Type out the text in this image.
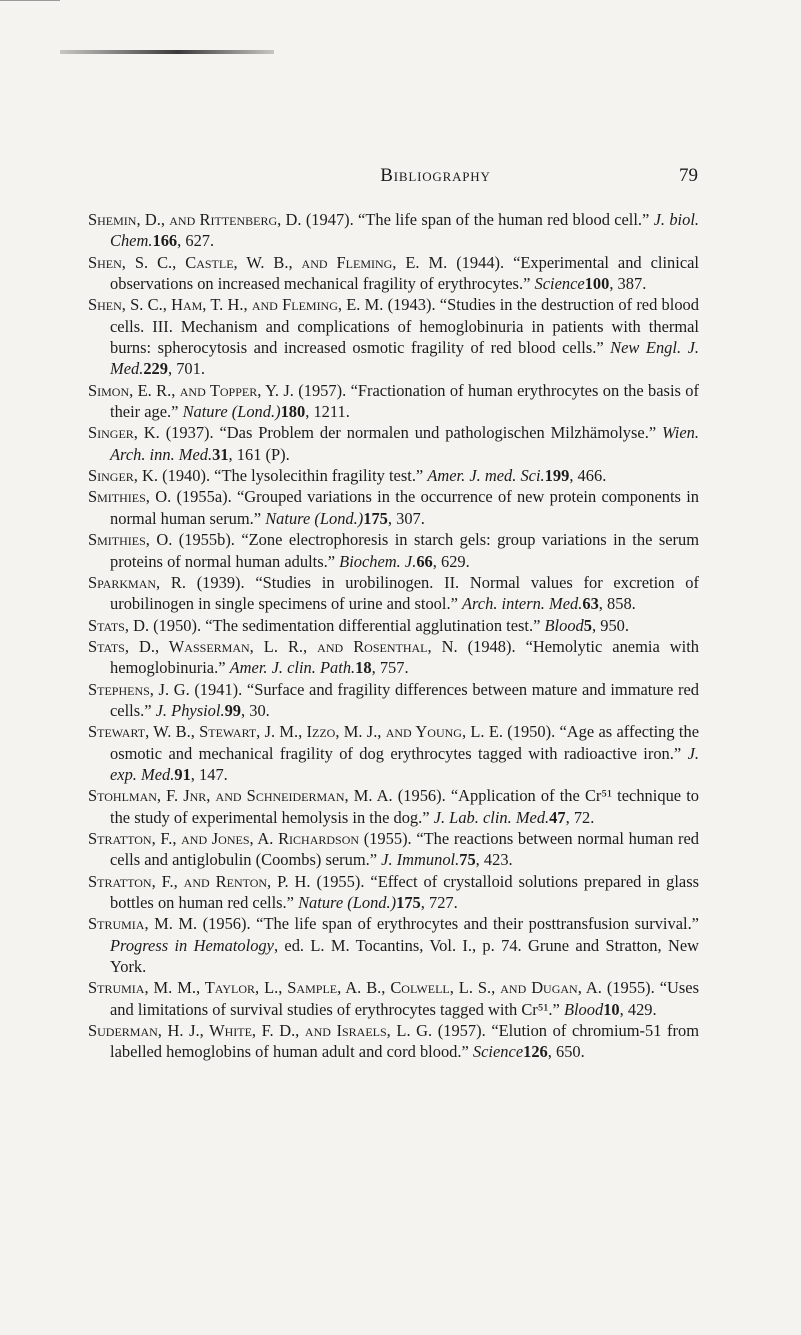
Bibliography	79

Shemin, D., and Rittenberg, D. (1947). “The life span of the human red blood cell.” J. biol. Chem.166, 627.

Shen, S. C., Castle, W. B., and Fleming, E. M. (1944). “Experimental and clinical observations on increased mechanical fragility of erythrocytes.” Science100, 387.

Shen, S. C., Ham, T. H., and Fleming, E. M. (1943). “Studies in the destruction of red blood cells. III. Mechanism and complications of hemoglobinuria in patients with thermal burns: spherocytosis and increased osmotic fragility of red blood cells.” New Engl. J. Med.229, 701.

Simon, E. R., and Topper, Y. J. (1957). “Fractionation of human erythrocytes on the basis of their age.” Nature (Lond.)180, 1211.

Singer, K. (1937). “Das Problem der normalen und pathologischen Milzhämolyse.” Wien. Arch. inn. Med.31, 161 (P).

Singer, K. (1940). “The lysolecithin fragility test.” Amer. J. med. Sci.199, 466.

Smithies, O. (1955a). “Grouped variations in the occurrence of new protein components in normal human serum.” Nature (Lond.)175, 307.

Smithies, O. (1955b). “Zone electrophoresis in starch gels: group variations in the serum proteins of normal human adults.” Biochem. J.66, 629.

Sparkman, R. (1939). “Studies in urobilinogen. II. Normal values for excretion of urobilinogen in single specimens of urine and stool.” Arch. intern. Med.63, 858.

Stats, D. (1950). “The sedimentation differential agglutination test.” Blood5, 950.

Stats, D., Wasserman, L. R., and Rosenthal, N. (1948). “Hemolytic anemia with hemoglobinuria.” Amer. J. clin. Path.18, 757.

Stephens, J. G. (1941). “Surface and fragility differences between mature and immature red cells.” J. Physiol.99, 30.

Stewart, W. B., Stewart, J. M., Izzo, M. J., and Young, L. E. (1950). “Age as affecting the osmotic and mechanical fragility of dog erythrocytes tagged with radioactive iron.” J. exp. Med.91, 147.

Stohlman, F. Jnr, and Schneiderman, M. A. (1956). “Application of the Cr⁵¹ technique to the study of experimental hemolysis in the dog.” J. Lab. clin. Med.47, 72.

Stratton, F., and Jones, A. Richardson (1955). “The reactions between normal human red cells and antiglobulin (Coombs) serum.” J. Immunol.75, 423.

Stratton, F., and Renton, P. H. (1955). “Effect of crystalloid solutions prepared in glass bottles on human red cells.” Nature (Lond.)175, 727.

Strumia, M. M. (1956). “The life span of erythrocytes and their posttransfusion survival.” Progress in Hematology, ed. L. M. Tocantins, Vol. I., p. 74. Grune and Stratton, New York.

Strumia, M. M., Taylor, L., Sample, A. B., Colwell, L. S., and Dugan, A. (1955). “Uses and limitations of survival studies of erythrocytes tagged with Cr⁵¹.” Blood10, 429.

Suderman, H. J., White, F. D., and Israels, L. G. (1957). “Elution of chromium-51 from labelled hemoglobins of human adult and cord blood.” Science126, 650.
